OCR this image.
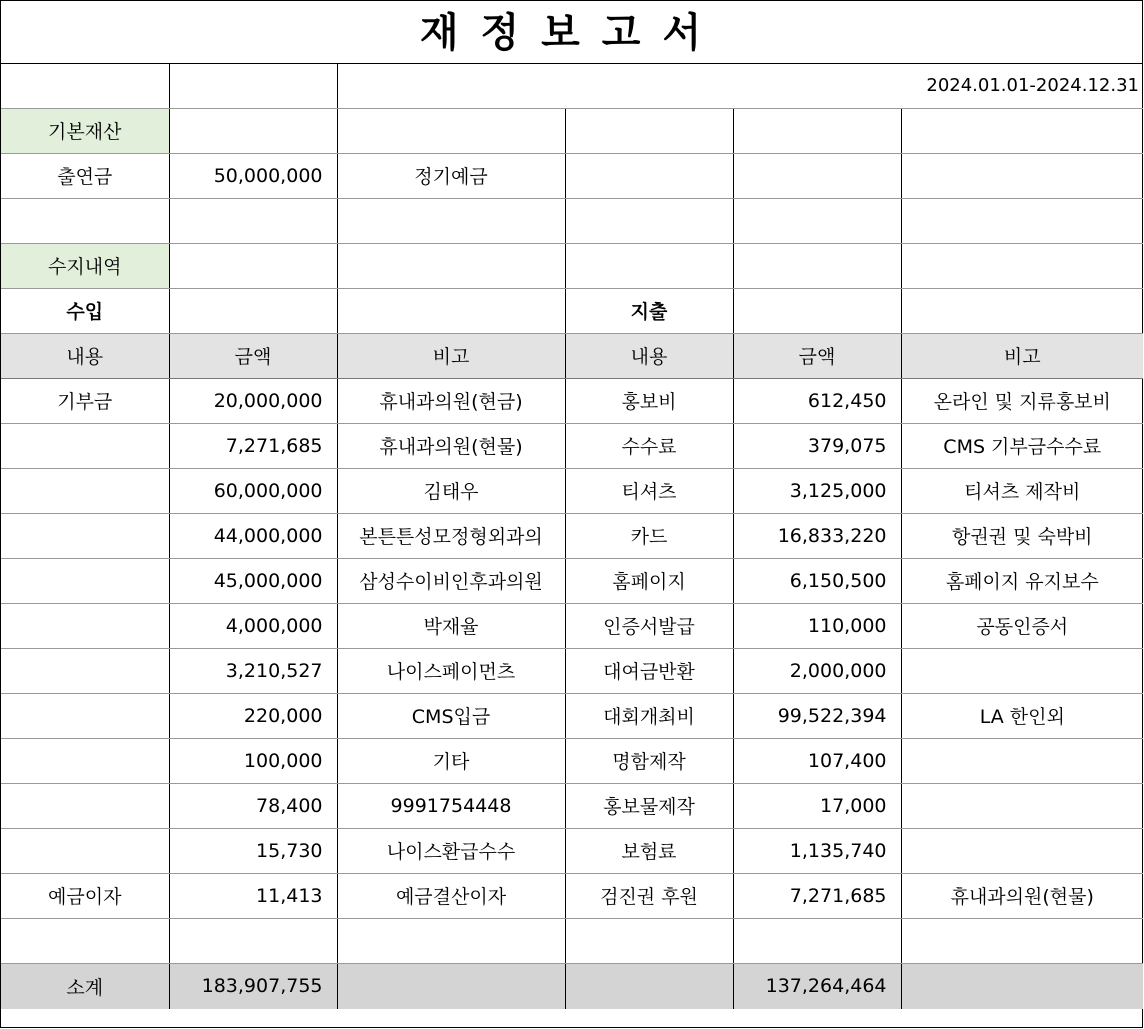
재정보고서
		2024.01.01-2024.12.31			
기본재산					
출연금	50,000,000	정기예금			

수지내역					
수입			지출		
내용	금액	비고	내용	금액	비고
기부금	20,000,000	휴내과의원(현금)	홍보비	612,450	온라인 및 지류홍보비
	7,271,685	휴내과의원(현물)	수수료	379,075	CMS 기부금수수료
	60,000,000	김태우	티셔츠	3,125,000	티셔츠 제작비
	44,000,000	본튼튼성모정형외과의	카드	16,833,220	항권권 및 숙박비
	45,000,000	삼성수이비인후과의원	홈페이지	6,150,500	홈페이지 유지보수
	4,000,000	박재율	인증서발급	110,000	공동인증서
	3,210,527	나이스페이먼츠	대여금반환	2,000,000	
	220,000	CMS입금	대회개최비	99,522,394	LA 한인외
	100,000	기타	명함제작	107,400	
	78,400	9991754448	홍보물제작	17,000	
	15,730	나이스환급수수	보험료	1,135,740	
예금이자	11,413	예금결산이자	검진권 후원	7,271,685	휴내과의원(현물)

소계	183,907,755			137,264,464	
